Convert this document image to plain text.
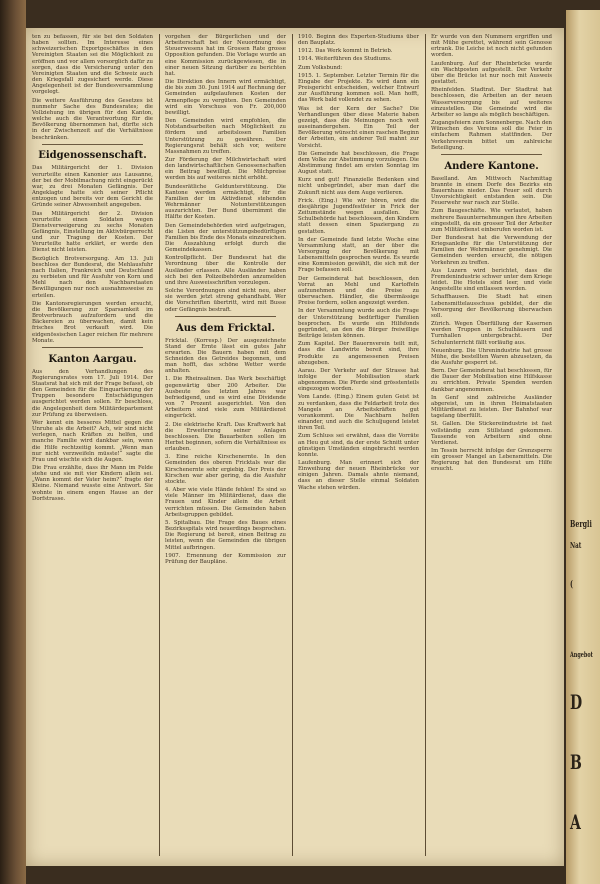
ten zu befassen, für sie bei den Soldaten haben sollten. Im Interesse eines schweizerischen Exportgeschäftes in den Vereinigten Staaten sei die Möglichkeit zu eröffnen und vor allem vorsorglich dafür zu sorgen, dass die Versicherung unter den Vereinigten Staaten und die Schweiz auch den Kriegsfall zugesichert werde. Diese Angelegenheit ist der Bundesversammlung vorgelegt.

Die weitere Ausführung des Gesetzes ist nunmehr Sache des Bundesrates; die Vollziehung im übrigen für den Kanton, welche auch die Verantwortung für die Bevölkerung übernommen hat, dürfte sich in der Zwischenzeit auf die Verhältnisse beschränken.

Eidgenossenschaft.

Das Militärgericht der 1. Division verurteilte einen Kanonier aus Lausanne, der bei der Mobilmachung nicht eingerückt war, zu drei Monaten Gefängnis. Der Angeklagte hatte sich seiner Pflicht entzogen und bereits vor dem Gericht die Gründe seiner Abwesenheit angegeben.

Das Militärgericht der 2. Division verurteilte einen Soldaten wegen Dienstverweigerung zu sechs Monaten Gefängnis, Einstellung im Aktivbürgerrecht und zur Tragung der Kosten. Der Verurteilte hatte erklärt, er werde den Dienst nicht leisten.

Bezüglich Brotversorgung. Am 13. Juli beschloss der Bundesrat, die Mehlausfuhr nach Italien, Frankreich und Deutschland zu verbieten und für Ausfuhr von Korn und Mehl nach den Nachbarstaaten Bewilligungen nur noch ausnahmsweise zu erteilen.

Die Kantonsregierungen werden ersucht, die Bevölkerung zur Sparsamkeit im Brotverbrauch aufzufordern und die Bäckereien zu überwachen, damit kein frisches Brot verkauft wird. Die eidgenössischen Lager reichen für mehrere Monate.

Kanton Aargau.

Aus den Verhandlungen des Regierungsrates vom 17. Juli 1914. Der Staatsrat hat sich mit der Frage befasst, ob den Gemeinden für die Einquartierung der Truppen besondere Entschädigungen ausgerichtet werden sollen. Er beschloss, die Angelegenheit dem Militärdepartement zur Prüfung zu überweisen.

Wer kennt ein besseres Mittel gegen die Unruhe als die Arbeit? Ach, wir sind nicht verlegen, nach Kräften zu helfen, und manche Familie wird dankbar sein, wenn die Hilfe rechtzeitig kommt. „Wenn man nur nicht verzweifeln müsste!“ sagte die Frau und wischte sich die Augen.

Die Frau erzählte, dass ihr Mann im Felde stehe und sie mit vier Kindern allein sei. „Wann kommt der Vater heim?“ fragte der Kleine. Niemand wusste eine Antwort. Sie wohnte in einem engen Hause an der Dorfstrasse.

vorgehen der Bürgerlichen und der Arbeiterschaft bei der Neuordnung des Steuerwesens hat im Grossen Rate grosse Opposition gefunden. Die Vorlage wurde an eine Kommission zurückgewiesen, die in einer neuen Sitzung darüber zu berichten hat.

Die Direktion des Innern wird ermächtigt, die bis zum 30. Juni 1914 auf Rechnung der Gemeinden aufgelaufenen Kosten der Armenpflege zu vergüten. Den Gemeinden wird ein Vorschuss von Fr. 200,000 bewilligt.

Den Gemeinden wird empfohlen, die Notstandsarbeiten nach Möglichkeit zu fördern und arbeitslosen Familien Unterstützung zu gewähren. Der Regierungsrat behält sich vor, weitere Massnahmen zu treffen.

Zur Förderung der Milchwirtschaft wird den landwirtschaftlichen Genossenschaften ein Beitrag bewilligt. Die Milchpreise werden bis auf weiteres nicht erhöht.

Bundesrätliche Geldunterstützung. Die Kantone werden ermächtigt, für die Familien der im Aktivdienst stehenden Wehrmänner Notunterstützungen auszurichten. Der Bund übernimmt die Hälfte der Kosten.

Den Gemeindebehörden wird aufgetragen, die Listen der unterstützungsbedürftigen Familien bis Ende des Monats einzureichen. Die Auszahlung erfolgt durch die Gemeindekassen.

Kontrollpflicht. Der Bundesrat hat die Verordnung über die Kontrolle der Ausländer erlassen. Alle Ausländer haben sich bei den Polizeibehörden anzumelden und ihre Ausweisschriften vorzulegen.

Solche Verordnungen sind nicht neu, aber sie werden jetzt streng gehandhabt. Wer die Vorschriften übertritt, wird mit Busse oder Gefängnis bestraft.

Aus dem Fricktal.

Fricktal. (Korresp.) Der ausgezeichnete Stand der Ernte lässt ein gutes Jahr erwarten. Die Bauern haben mit dem Schneiden des Getreides begonnen, und man hofft, das schöne Wetter werde anhalten.

1. Die Rheinsalinen. Das Werk beschäftigt gegenwärtig über 200 Arbeiter. Die Ausbeute des letzten Jahres war befriedigend, und es wird eine Dividende von 7 Prozent ausgerichtet. Von den Arbeitern sind viele zum Militärdienst eingerückt.

2. Die elektrische Kraft. Das Kraftwerk hat die Erweiterung seiner Anlagen beschlossen. Die Bauarbeiten sollen im Herbst beginnen, sofern die Verhältnisse es erlauben.

3. Eine reiche Kirschenernte. In den Gemeinden des oberen Fricktals war die Kirschenernte sehr ergiebig. Der Preis der Kirschen war aber gering, da die Ausfuhr stockte.

4. Aber wie viele Hände fehlen! Es sind so viele Männer im Militärdienst, dass die Frauen und Kinder allein die Arbeit verrichten müssen. Die Gemeinden haben Arbeitsgruppen gebildet.

5. Spitalbau. Die Frage des Baues eines Bezirksspitals wird neuerdings besprochen. Die Regierung ist bereit, einen Beitrag zu leisten, wenn die Gemeinden die übrigen Mittel aufbringen.

1907. Ernennung der Kommission zur Prüfung der Baupläne.

1910. Beginn des Experten-Studiums über den Bauplatz.

1912. Das Werk kommt in Betrieb.

1914. Weiterführen des Studiums.

Zum Volksbund:

1915. 1. September. Letzter Termin für die Eingabe der Projekte. Es wird dann ein Preisgericht entscheiden, welcher Entwurf zur Ausführung kommen soll. Man hofft, das Werk bald vollendet zu sehen.

Was ist der Kern der Sache? Die Verhandlungen über diese Materie haben gezeigt, dass die Meinungen noch weit auseinandergehen. Ein Teil der Bevölkerung wünscht einen raschen Beginn der Arbeiten, ein anderer Teil mahnt zur Vorsicht.

Die Gemeinde hat beschlossen, die Frage dem Volke zur Abstimmung vorzulegen. Die Abstimmung findet am ersten Sonntag im August statt.

Kurz und gut! Finanzielle Bedenken sind nicht unbegründet, aber man darf die Zukunft nicht aus dem Auge verlieren.

Frick. (Eing.) Wie wir hören, wird die diesjährige Jugendfestfeier in Frick der Zeitumstände wegen ausfallen. Die Schulbehörde hat beschlossen, den Kindern statt dessen einen Spaziergang zu gestatten.

In der Gemeinde fand letzte Woche eine Versammlung statt, an der über die Versorgung der Bevölkerung mit Lebensmitteln gesprochen wurde. Es wurde eine Kommission gewählt, die sich mit der Frage befassen soll.

Der Gemeinderat hat beschlossen, den Vorrat an Mehl und Kartoffeln aufzunehmen und die Preise zu überwachen. Händler, die übermässige Preise fordern, sollen angezeigt werden.

In der Versammlung wurde auch die Frage der Unterstützung bedürftiger Familien besprochen. Es wurde ein Hilfsfonds gegründet, an den die Bürger freiwillige Beiträge leisten können.

Zum Kapitel. Der Bauernverein teilt mit, dass die Landwirte bereit sind, ihre Produkte zu angemessenen Preisen abzugeben.

Aarau. Der Verkehr auf der Strasse hat infolge der Mobilisation stark abgenommen. Die Pferde sind grösstenteils eingezogen worden.

Vom Lande. (Eing.) Einem guten Geist ist zu verdanken, dass die Feldarbeit trotz des Mangels an Arbeitskräften gut vorankommt. Die Nachbarn helfen einander, und auch die Schuljugend leistet ihren Teil.

Zum Schluss sei erwähnt, dass die Vorräte an Heu gut sind, da der erste Schnitt unter günstigen Umständen eingebracht werden konnte.

Laufenburg. Man erinnert sich der Einweihung der neuen Rheinbrücke vor einigen Jahren. Damals ahnte niemand, dass an dieser Stelle einmal Soldaten Wache stehen würden.

Er wurde von den Nummern ergriffen und mit Mühe gerettet, während sein Genosse ertrank. Die Leiche ist noch nicht gefunden worden.

Laufenburg. Auf der Rheinbrücke wurde ein Wachtposten aufgestellt. Der Verkehr über die Brücke ist nur noch mit Ausweis gestattet.

Rheinfelden. Stadtrat. Der Stadtrat hat beschlossen, die Arbeiten an der neuen Wasserversorgung bis auf weiteres einzustellen. Die Gemeinde wird die Arbeiter so lange als möglich beschäftigen.

Zugangsfeiern zum Sonnenberge. Nach den Wünschen des Vereins soll die Feier in einfachem Rahmen stattfinden. Der Verkehrsverein bittet um zahlreiche Beteiligung.

Andere Kantone.

Baselland. Am Mittwoch Nachmittag brannte in einem Dorfe des Bezirks ein Bauernhaus nieder. Das Feuer soll durch Unvorsichtigkeit entstanden sein. Die Feuerwehr war rasch zur Stelle.

Zum Baugeschäfte. Wie verlautet, haben mehrere Bauunternehmungen ihre Arbeiten eingestellt, da ein grosser Teil der Arbeiter zum Militärdienst einberufen worden ist.

Der Bundesrat hat die Verwendung der Kriegsanleihe für die Unterstützung der Familien der Wehrmänner genehmigt. Die Gemeinden werden ersucht, die nötigen Vorkehren zu treffen.

Aus Luzern wird berichtet, dass die Fremdenindustrie schwer unter dem Kriege leidet. Die Hotels sind leer, und viele Angestellte sind entlassen worden.

Schaffhausen. Die Stadt hat einen Lebensmittelausschuss gebildet, der die Versorgung der Bevölkerung überwachen soll.

Zürich. Wegen Überfüllung der Kasernen werden Truppen in Schulhäusern und Turnhallen untergebracht. Der Schulunterricht fällt vorläufig aus.

Neuenburg. Die Uhrenindustrie hat grosse Mühe, die bestellten Waren abzusetzen, da die Ausfuhr gesperrt ist.

Bern. Der Gemeinderat hat beschlossen, für die Dauer der Mobilisation eine Hilfskasse zu errichten. Private Spenden werden dankbar angenommen.

In Genf sind zahlreiche Ausländer abgereist, um in ihren Heimatstaaten Militärdienst zu leisten. Der Bahnhof war tagelang überfüllt.

St. Gallen. Die Stickereiindustrie ist fast vollständig zum Stillstand gekommen. Tausende von Arbeitern sind ohne Verdienst.

Im Tessin herrscht infolge der Grenzsperre ein grosser Mangel an Lebensmitteln. Die Regierung hat den Bundesrat um Hilfe ersucht.

Bergli
Nat
(
Angebot
D
B
A
